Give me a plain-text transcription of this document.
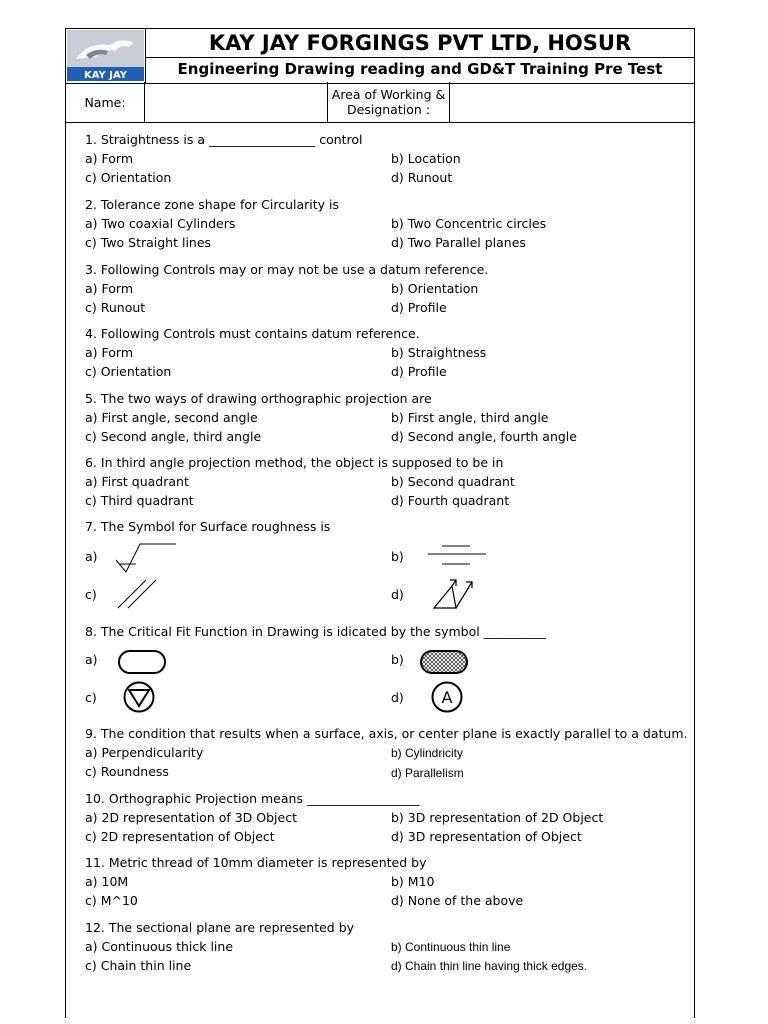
KAY JAY
KAY JAY FORGINGS PVT LTD, HOSUR
Engineering Drawing reading and GD&T Training Pre Test
Name:	Area of Working & Designation :
1. Straightness is a _________________ control
a) Form	b) Location
c) Orientation	d) Runout
2. Tolerance zone shape for Circularity is
a) Two coaxial Cylinders	b) Two Concentric circles
c) Two Straight lines	d) Two Parallel planes
3. Following Controls may or may not be use a datum reference.
a) Form	b) Orientation
c) Runout	d) Profile
4. Following Controls must contains datum reference.
a) Form	b) Straightness
c) Orientation	d) Profile
5. The two ways of drawing orthographic projection are
a) First angle, second angle	b) First angle, third angle
c) Second angle, third angle	d) Second angle, fourth angle
6. In third angle projection method, the object is supposed to be in
a) First quadrant	b) Second quadrant
c) Third quadrant	d) Fourth quadrant
7. The Symbol for Surface roughness is
a)	b)
c)	d)
8. The Critical Fit Function in Drawing is idicated by the symbol __________
a)	b)
c)	d) A
9. The condition that results when a surface, axis, or center plane is exactly parallel to a datum.
a) Perpendicularity	b) Cylindricity
c) Roundness	d) Parallelism
10. Orthographic Projection means __________________
a) 2D representation of 3D Object	b) 3D representation of 2D Object
c) 2D representation of Object	d) 3D representation of Object
11. Metric thread of 10mm diameter is represented by
a) 10M	b) M10
c) M^10	d) None of the above
12. The sectional plane are represented by
a) Continuous thick line	b) Continuous thin line
c) Chain thin line	d) Chain thin line having thick edges.
